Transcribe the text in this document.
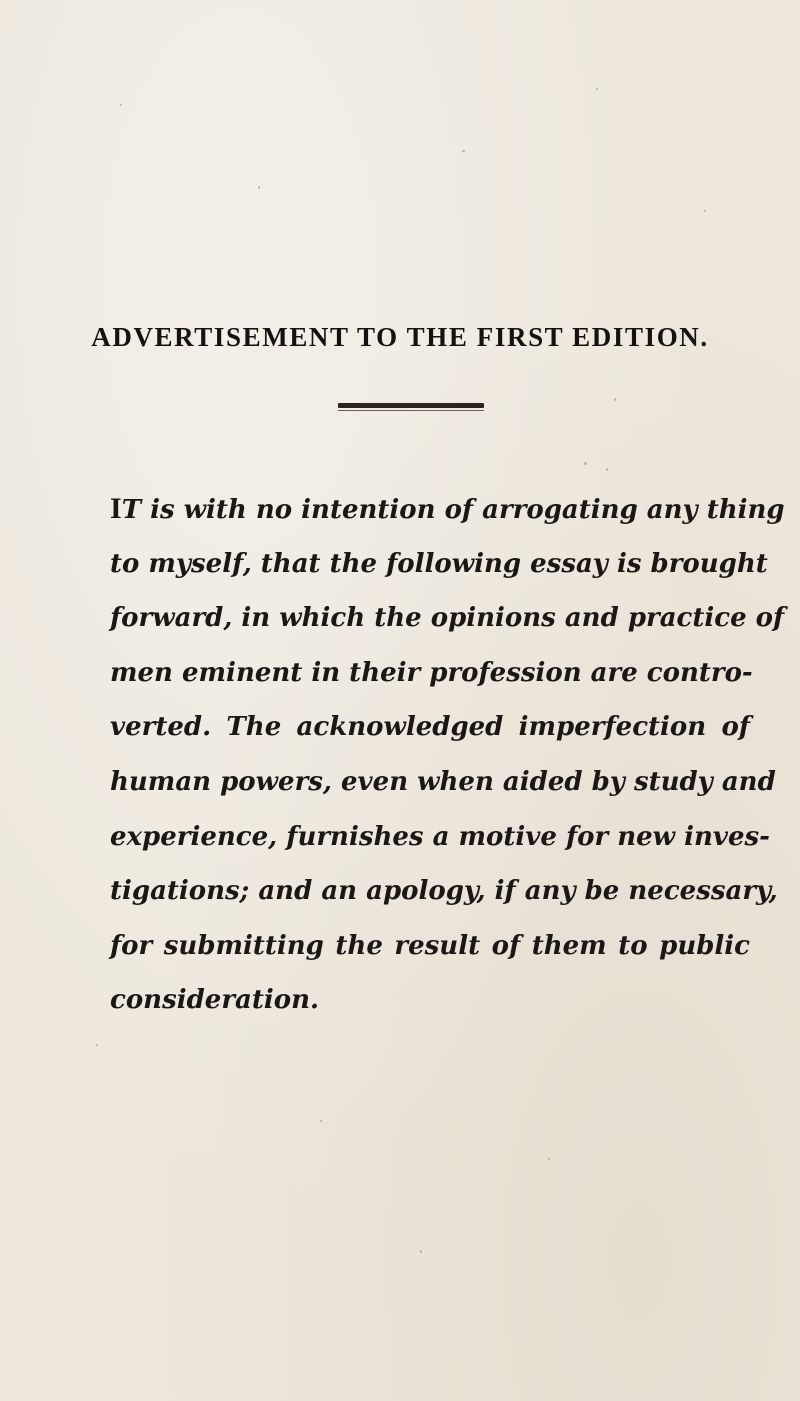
ADVERTISEMENT TO THE FIRST EDITION.
IT is with no intention of arrogating any thing
to myself, that the following essay is brought
forward, in which the opinions and practice of
men eminent in their profession are contro-
verted. The acknowledged imperfection of
human powers, even when aided by study and
experience, furnishes a motive for new inves-
tigations; and an apology, if any be necessary,
for submitting the result of them to public
consideration.
